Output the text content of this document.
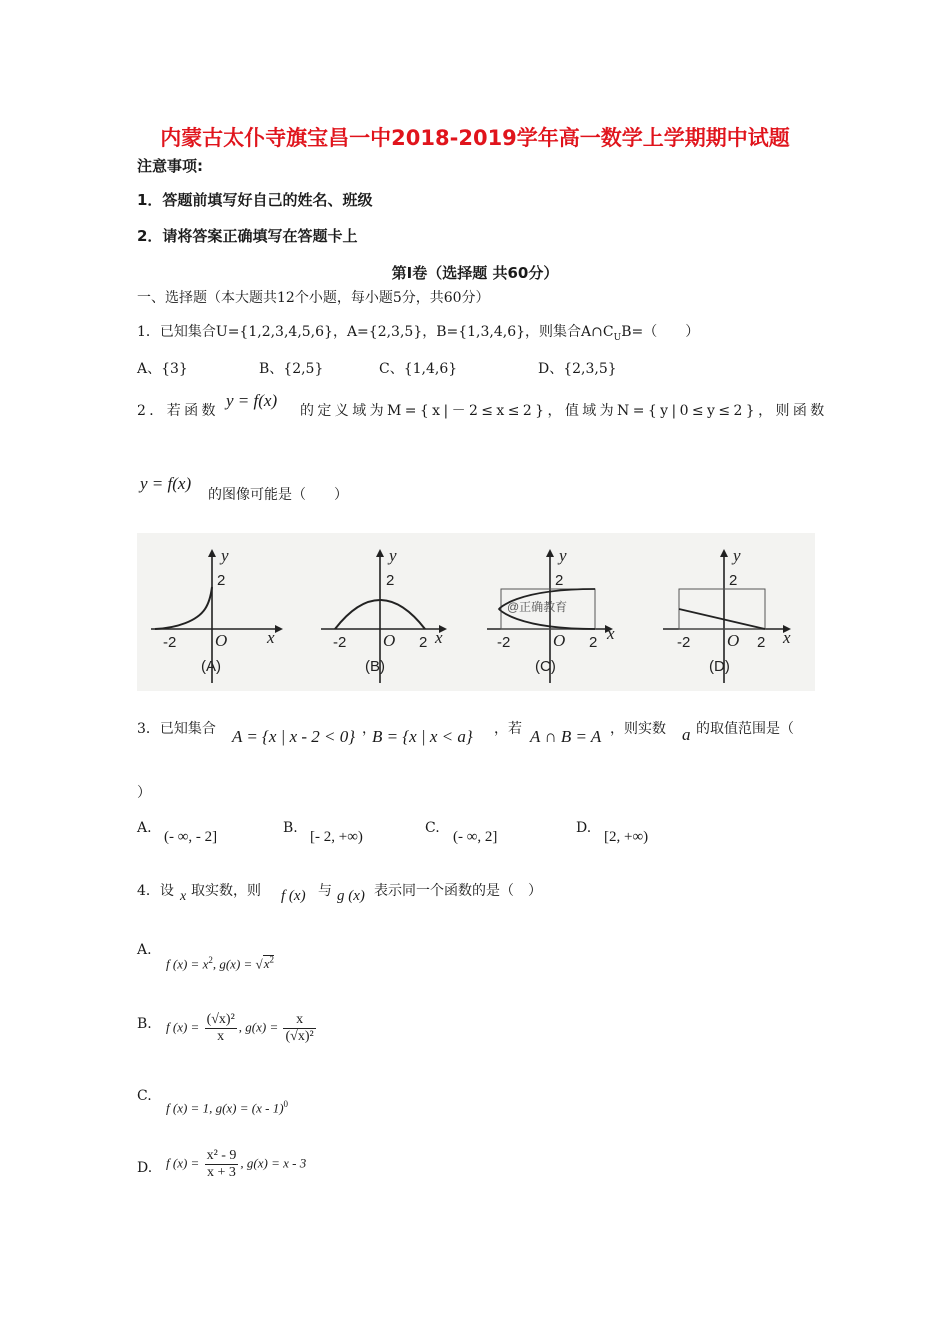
内蒙古太仆寺旗宝昌一中2018-2019学年高一数学上学期期中试题
注意事项:
1．答题前填写好自己的姓名、班级
2．请将答案正确填写在答题卡上
第Ⅰ卷（选择题 共60分）
一、选择题（本大题共12个小题，每小题5分，共60分）
1．已知集合U={1,2,3,4,5,6}，A={2,3,5}，B={1,3,4,6}，则集合$A\cap C_UB=$（　　）
A、{3}	B、{2,5}	C、{1,4,6}	D、{2,3,5}
2．若函数
y = f(x)
的定义域为M={x|－2≤x≤2}，值域为N={y|0≤y≤2}，则函数
y = f(x)
的图像可能是（　　）
y
2
-2 O x
(A)
y
2
-2 O 2 x
(B)
y
2
-2	O 2 x
(C)
@正确教育
y
2
-2 O 2 x
(D)
3．已知集合 A = {x | x - 2 < 0} ，
B = {x | x < a} ，若 A ∩ B = A ，则实数 a 的取值范围是（
）
A.
(- ∞, - 2]
B.
[- 2, +∞)
C.
(- ∞, 2]
D.
[2, +∞)
4．设 x 取实数，则 f (x) 与 g (x) 表示同一个函数的是（　）
A.
f $(x) = x^2$, $g(x) = √x^2$
B. f $(x) = \frac{\text{(√x)²}}{x}$ , $g(x) = \frac{x}{\text{(√x)²}}$
C.
f (x) = 1, g(x) = (x - 1)$^0$
D. f $(x) = \frac{\text{x² - 9}}{x + 3}$ , g(x) = x - 3
